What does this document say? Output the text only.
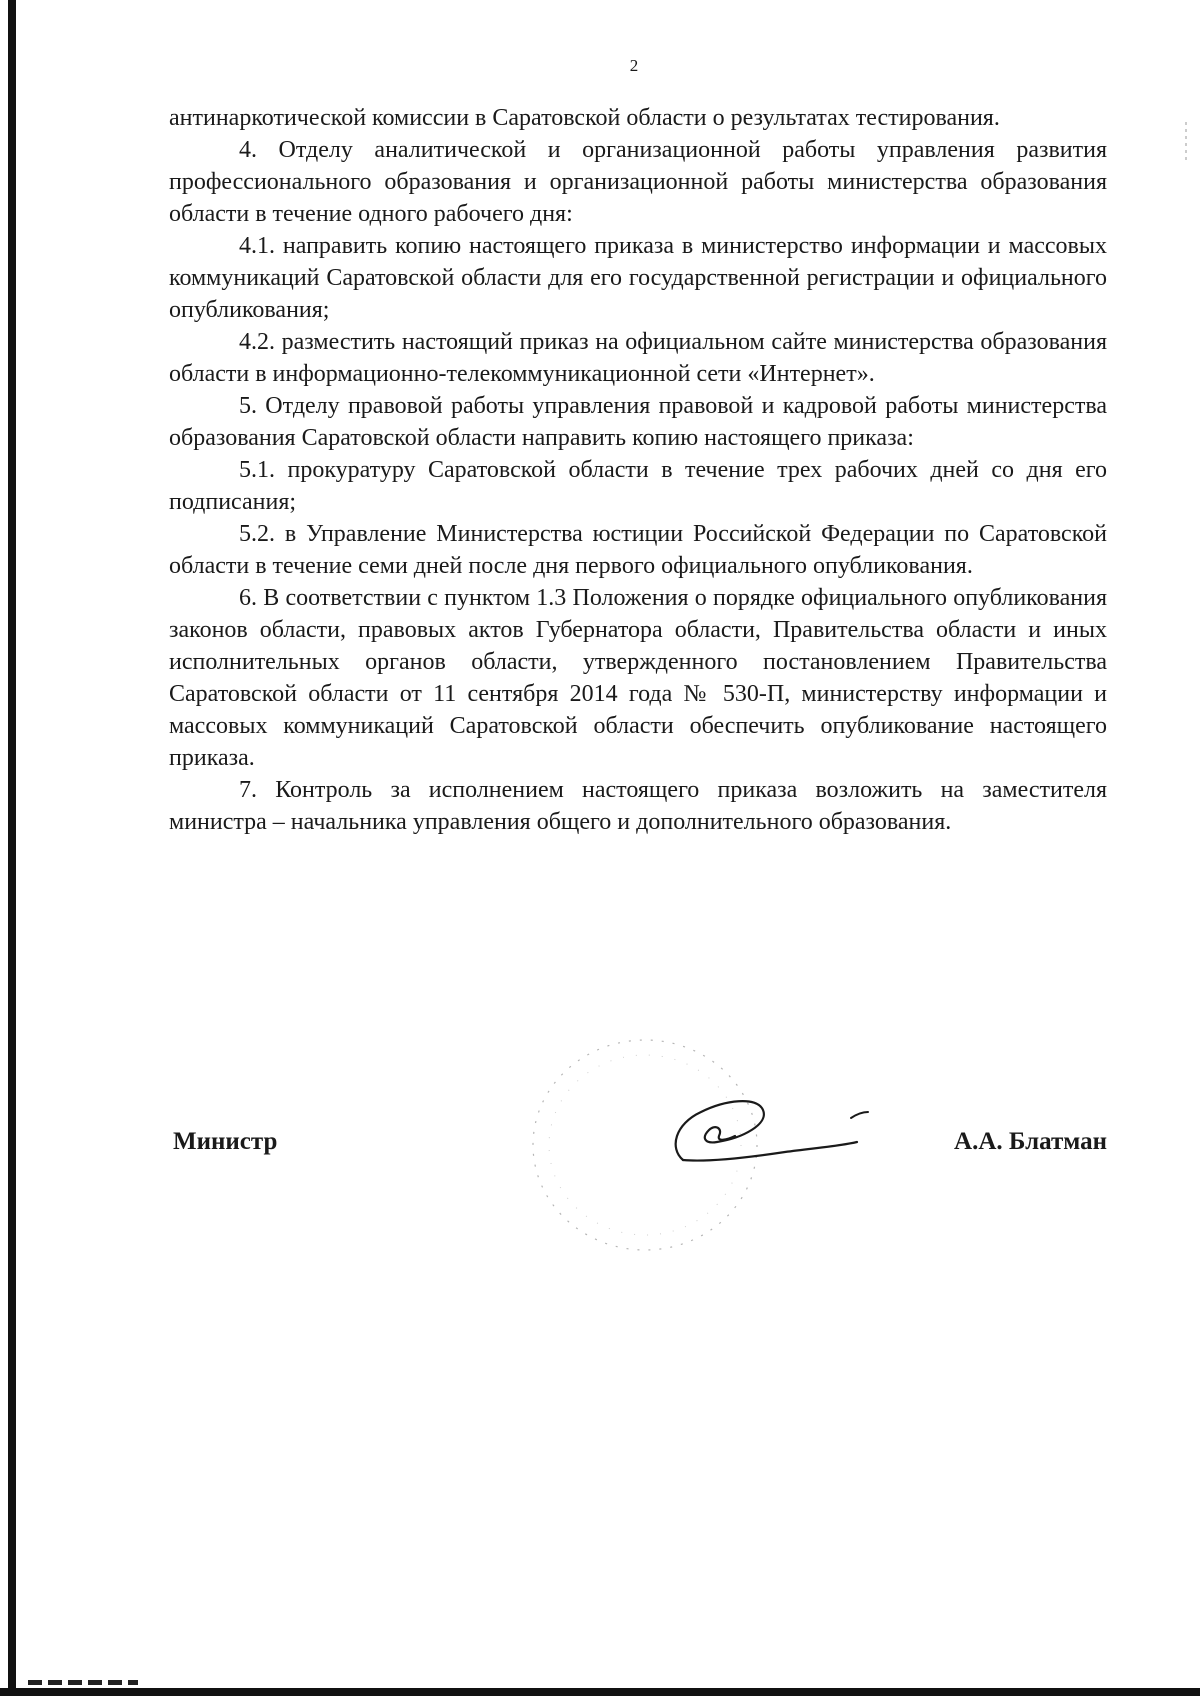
2

антинаркотической комиссии в Саратовской области о результатах тестирования.

4. Отделу аналитической и организационной работы управления развития профессионального образования и организационной работы министерства образования области в течение одного рабочего дня:

4.1. направить копию настоящего приказа в министерство информации и массовых коммуникаций Саратовской области для его государственной регистрации и официального опубликования;

4.2. разместить настоящий приказ на официальном сайте министерства образования области в информационно-телекоммуникационной сети «Интернет».

5. Отделу правовой работы управления правовой и кадровой работы министерства образования Саратовской области направить копию настоящего приказа:

5.1. прокуратуру Саратовской области в течение трех рабочих дней со дня его подписания;

5.2. в Управление Министерства юстиции Российской Федерации по Саратовской области в течение семи дней после дня первого официального опубликования.

6. В соответствии с пунктом 1.3 Положения о порядке официального опубликования законов области, правовых актов Губернатора области, Правительства области и иных исполнительных органов области, утвержденного постановлением Правительства Саратовской области от 11 сентября 2014 года № 530-П, министерству информации и массовых коммуникаций Саратовской области обеспечить опубликование настоящего приказа.

7. Контроль за исполнением настоящего приказа возложить на заместителя министра – начальника управления общего и дополнительного образования.

Министр	А.А. Блатман
